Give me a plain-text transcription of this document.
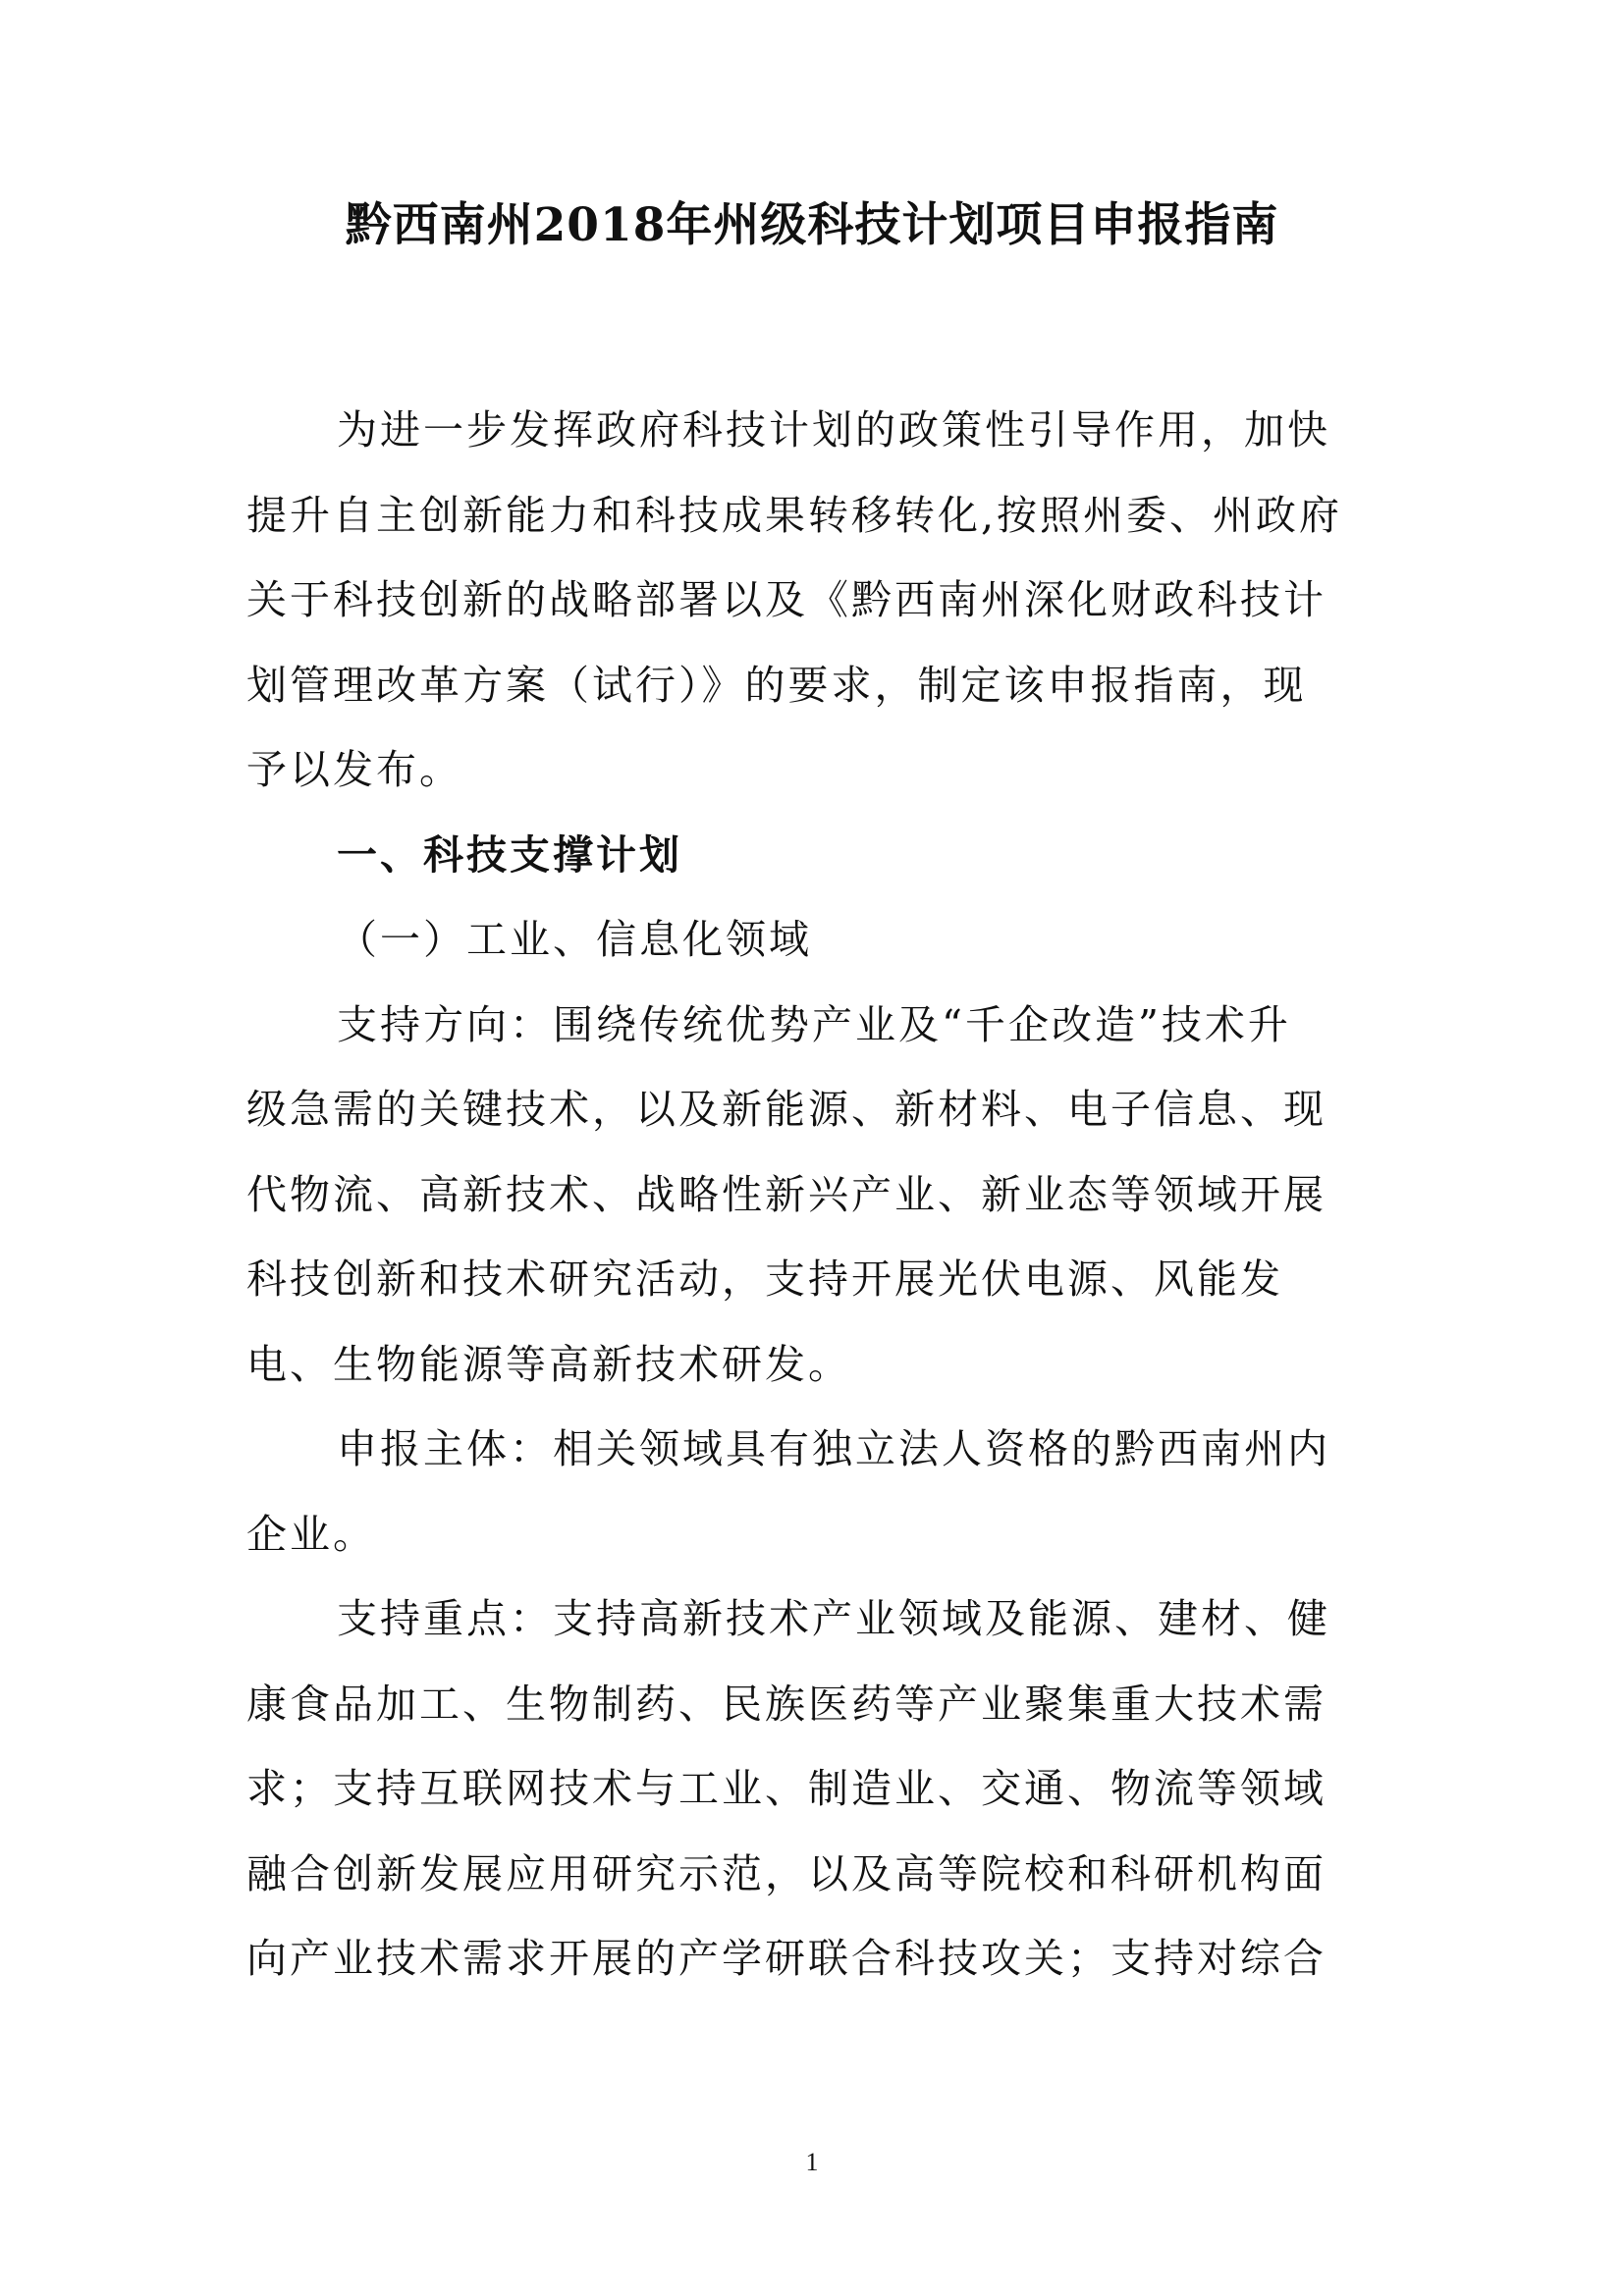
黔西南州2018年州级科技计划项目申报指南
为进一步发挥政府科技计划的政策性引导作用，加快
提升自主创新能力和科技成果转移转化,按照州委、州政府
关于科技创新的战略部署以及《黔西南州深化财政科技计
划管理改革方案（试行）》的要求，制定该申报指南，现
予以发布。
一、科技支撑计划
（一）工业、信息化领域
支持方向：围绕传统优势产业及“千企改造”技术升
级急需的关键技术，以及新能源、新材料、电子信息、现
代物流、高新技术、战略性新兴产业、新业态等领域开展
科技创新和技术研究活动，支持开展光伏电源、风能发
电、生物能源等高新技术研发。
申报主体：相关领域具有独立法人资格的黔西南州内
企业。
支持重点：支持高新技术产业领域及能源、建材、健
康食品加工、生物制药、民族医药等产业聚集重大技术需
求；支持互联网技术与工业、制造业、交通、物流等领域
融合创新发展应用研究示范，以及高等院校和科研机构面
向产业技术需求开展的产学研联合科技攻关；支持对综合
1
